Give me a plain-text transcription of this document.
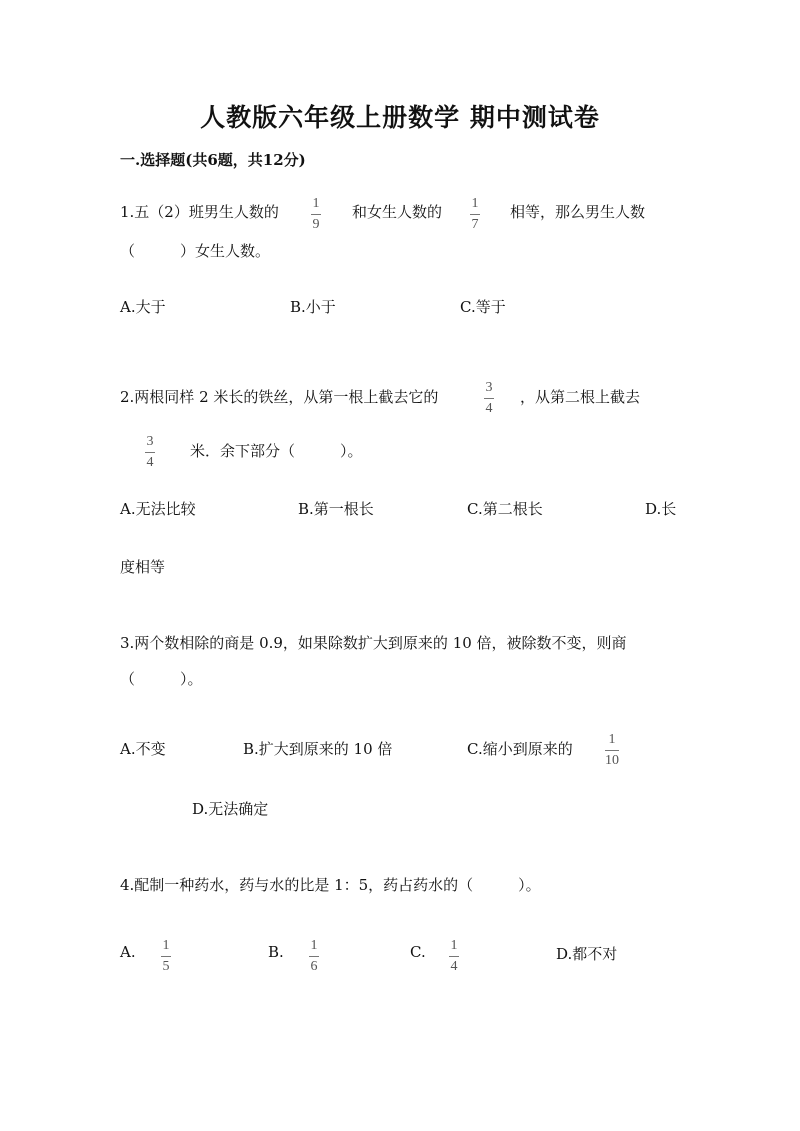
人教版六年级上册数学 期中测试卷
一.选择题(共6题，共12分)
1.五（2）班男生人数的 1
9
和女生人数的 1
7
相等，那么男生人数
（　　　）女生人数。
A.大于	B.小于	C.等于
2.两根同样 2 米长的铁丝，从第一根上截去它的
3
4
，从第二根上截去
3
4
米．余下部分（　　　）。
A.无法比较	B.第一根长	C.第二根长	D.长
度相等
3.两个数相除的商是 0.9，如果除数扩大到原来的 10 倍，被除数不变，则商
（　　　）。
A.不变	B.扩大到原来的 10 倍	C.缩小到原来的
1
10
D.无法确定
4.配制一种药水，药与水的比是 1：5，药占药水的（　　　）。
A. 1
5
B. 1
6
C. 1
4
D.都不对
